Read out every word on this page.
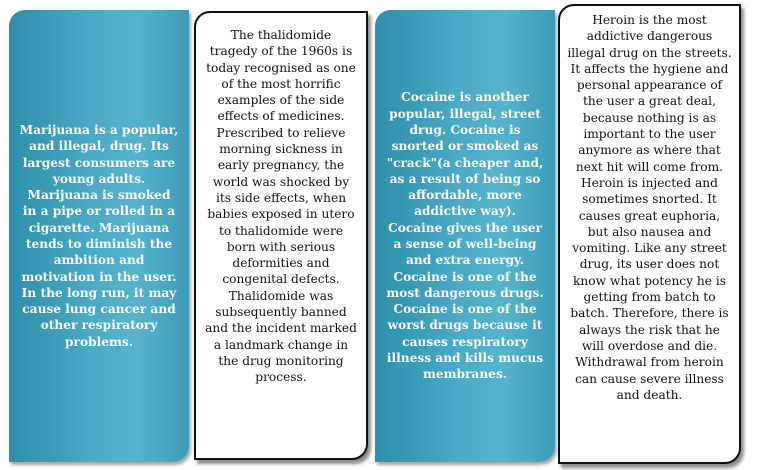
Marijuana is a popular, and illegal, drug. Its largest consumers are young adults. Marijuana is smoked in a pipe or rolled in a cigarette. Marijuana tends to diminish the ambition and motivation in the user. In the long run, it may cause lung cancer and other respiratory problems.
The thalidomide tragedy of the 1960s is today recognised as one of the most horrific examples of the side effects of medicines. Prescribed to relieve morning sickness in early pregnancy, the world was shocked by its side effects, when babies exposed in utero to thalidomide were born with serious deformities and congenital defects. Thalidomide was subsequently banned and the incident marked a landmark change in the drug monitoring process.
Cocaine is another popular, illegal, street drug. Cocaine is snorted or smoked as "crack"(a cheaper and, as a result of being so affordable, more addictive way). Cocaine gives the user a sense of well-being and extra energy. Cocaine is one of the most dangerous drugs. Cocaine is one of the worst drugs because it causes respiratory illness and kills mucus membranes.
Heroin is the most addictive dangerous illegal drug on the streets. It affects the hygiene and personal appearance of the user a great deal, because nothing is as important to the user anymore as where that next hit will come from. Heroin is injected and sometimes snorted. It causes great euphoria, but also nausea and vomiting. Like any street drug, its user does not know what potency he is getting from batch to batch. Therefore, there is always the risk that he will overdose and die. Withdrawal from heroin can cause severe illness and death.
